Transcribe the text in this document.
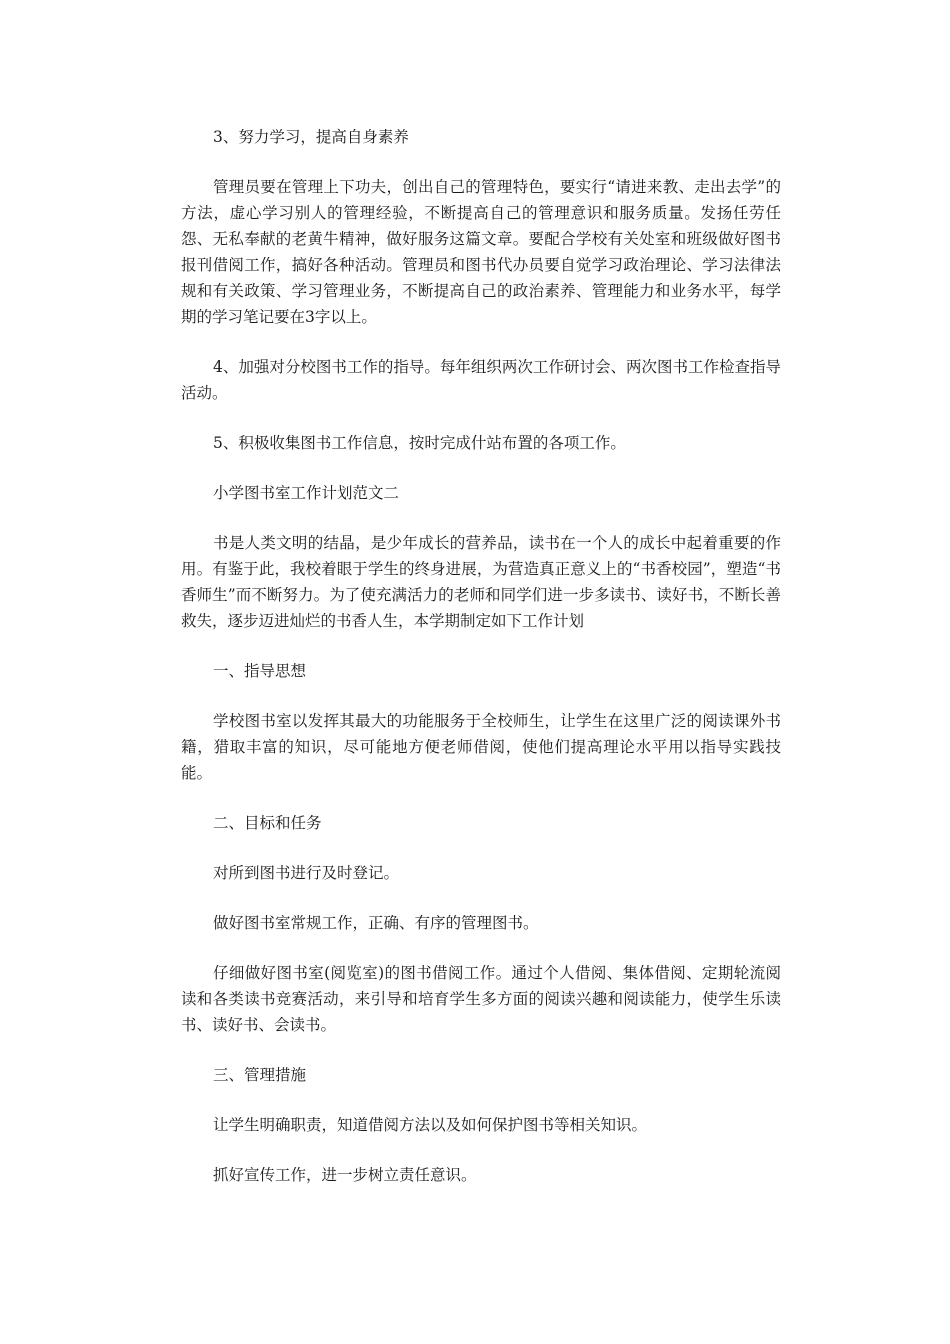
3、努力学习，提高自身素养

管理员要在管理上下功夫，创出自己的管理特色，要实行“请进来教、走出去学”的方法，虚心学习别人的管理经验，不断提高自己的管理意识和服务质量。发扬任劳任怨、无私奉献的老黄牛精神，做好服务这篇文章。要配合学校有关处室和班级做好图书报刊借阅工作，搞好各种活动。管理员和图书代办员要自觉学习政治理论、学习法律法规和有关政策、学习管理业务，不断提高自己的政治素养、管理能力和业务水平，每学期的学习笔记要在3字以上。

4、加强对分校图书工作的指导。每年组织两次工作研讨会、两次图书工作检查指导活动。

5、积极收集图书工作信息，按时完成什站布置的各项工作。

小学图书室工作计划范文二

书是人类文明的结晶，是少年成长的营养品，读书在一个人的成长中起着重要的作用。有鉴于此，我校着眼于学生的终身进展，为营造真正意义上的“书香校园”，塑造“书香师生”而不断努力。为了使充满活力的老师和同学们进一步多读书、读好书，不断长善救失，逐步迈进灿烂的书香人生，本学期制定如下工作计划

一、指导思想

学校图书室以发挥其最大的功能服务于全校师生，让学生在这里广泛的阅读课外书籍，猎取丰富的知识，尽可能地方便老师借阅，使他们提高理论水平用以指导实践技能。

二、目标和任务

对所到图书进行及时登记。

做好图书室常规工作，正确、有序的管理图书。

仔细做好图书室(阅览室)的图书借阅工作。通过个人借阅、集体借阅、定期轮流阅读和各类读书竞赛活动，来引导和培育学生多方面的阅读兴趣和阅读能力，使学生乐读书、读好书、会读书。

三、管理措施

让学生明确职责，知道借阅方法以及如何保护图书等相关知识。

抓好宣传工作，进一步树立责任意识。
